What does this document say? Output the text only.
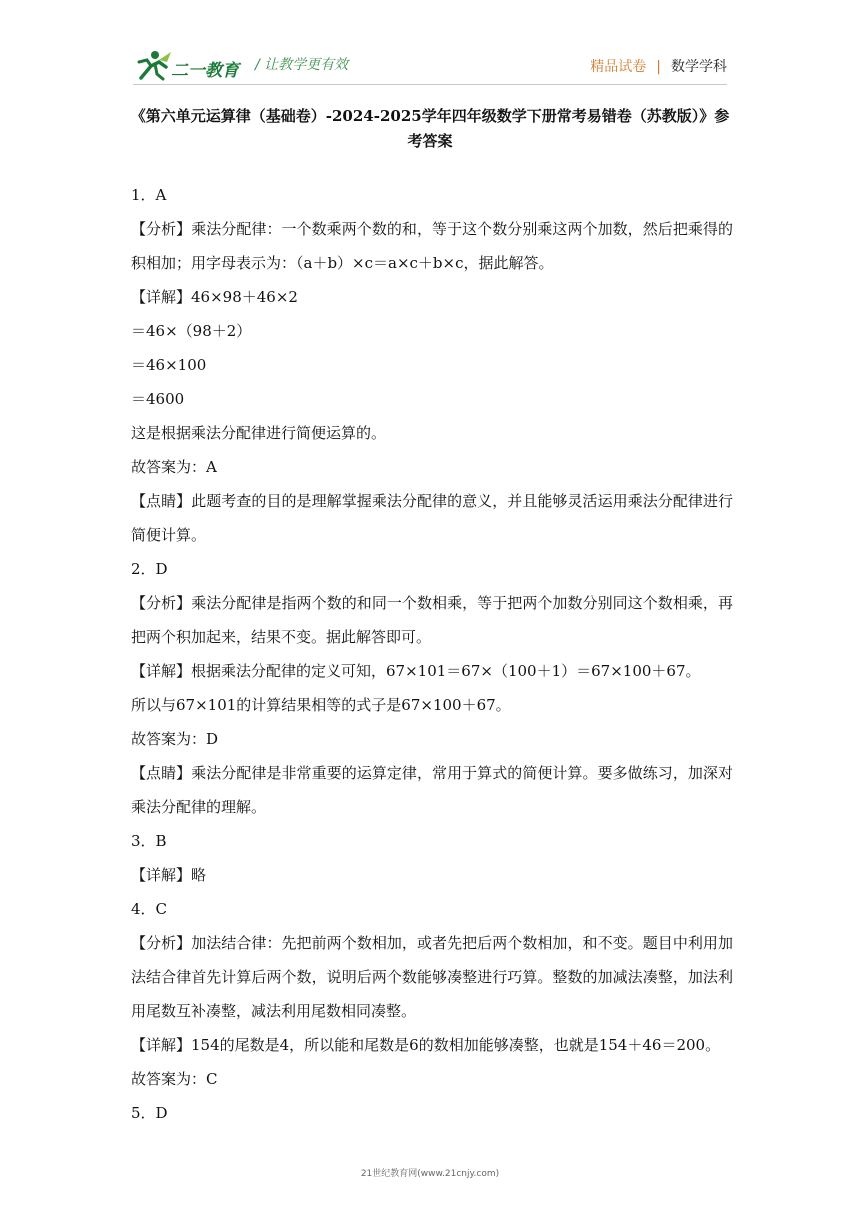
二一教育 / 让教学更有效	精品试卷 | 数学学科
《第六单元运算律（基础卷）-2024-2025学年四年级数学下册常考易错卷（苏教版）》参考答案

1．A

【分析】乘法分配律：一个数乘两个数的和，等于这个数分别乘这两个加数，然后把乘得的积相加；用字母表示为：（a＋b）×c＝a×c＋b×c，据此解答。

【详解】46×98＋46×2

＝46×（98＋2）

＝46×100

＝4600

这是根据乘法分配律进行简便运算的。

故答案为：A

【点睛】此题考查的目的是理解掌握乘法分配律的意义，并且能够灵活运用乘法分配律进行简便计算。

2．D

【分析】乘法分配律是指两个数的和同一个数相乘，等于把两个加数分别同这个数相乘，再把两个积加起来，结果不变。据此解答即可。

【详解】根据乘法分配律的定义可知，67×101＝67×（100＋1）＝67×100＋67。

所以与67×101的计算结果相等的式子是67×100＋67。

故答案为：D

【点睛】乘法分配律是非常重要的运算定律，常用于算式的简便计算。要多做练习，加深对乘法分配律的理解。

3．B

【详解】略

4．C

【分析】加法结合律：先把前两个数相加，或者先把后两个数相加，和不变。题目中利用加法结合律首先计算后两个数，说明后两个数能够凑整进行巧算。整数的加减法凑整，加法利用尾数互补凑整，减法利用尾数相同凑整。

【详解】154的尾数是4，所以能和尾数是6的数相加能够凑整，也就是154＋46＝200。

故答案为：C

5．D

21世纪教育网(www.21cnjy.com)
